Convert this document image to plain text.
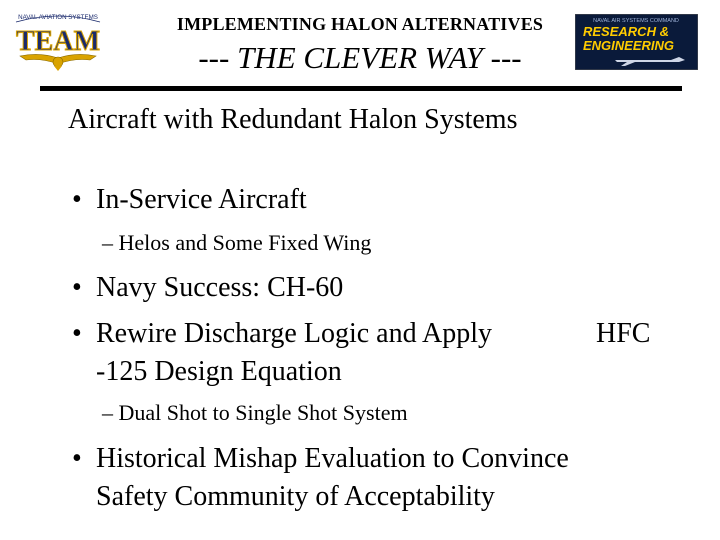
NAVAL AVIATION SYSTEMS
TEAM
IMPLEMENTING HALON ALTERNATIVES
--- THE CLEVER WAY ---
NAVAL AIR SYSTEMS COMMAND
RESEARCH &
ENGINEERING
Aircraft with Redundant Halon Systems
• In-Service Aircraft
– Helos and Some Fixed Wing
• Navy Success: CH-60
• Rewire Discharge Logic and Apply	HFC
-125 Design Equation
– Dual Shot to Single Shot System
• Historical Mishap Evaluation to Convince
Safety Community of Acceptability
